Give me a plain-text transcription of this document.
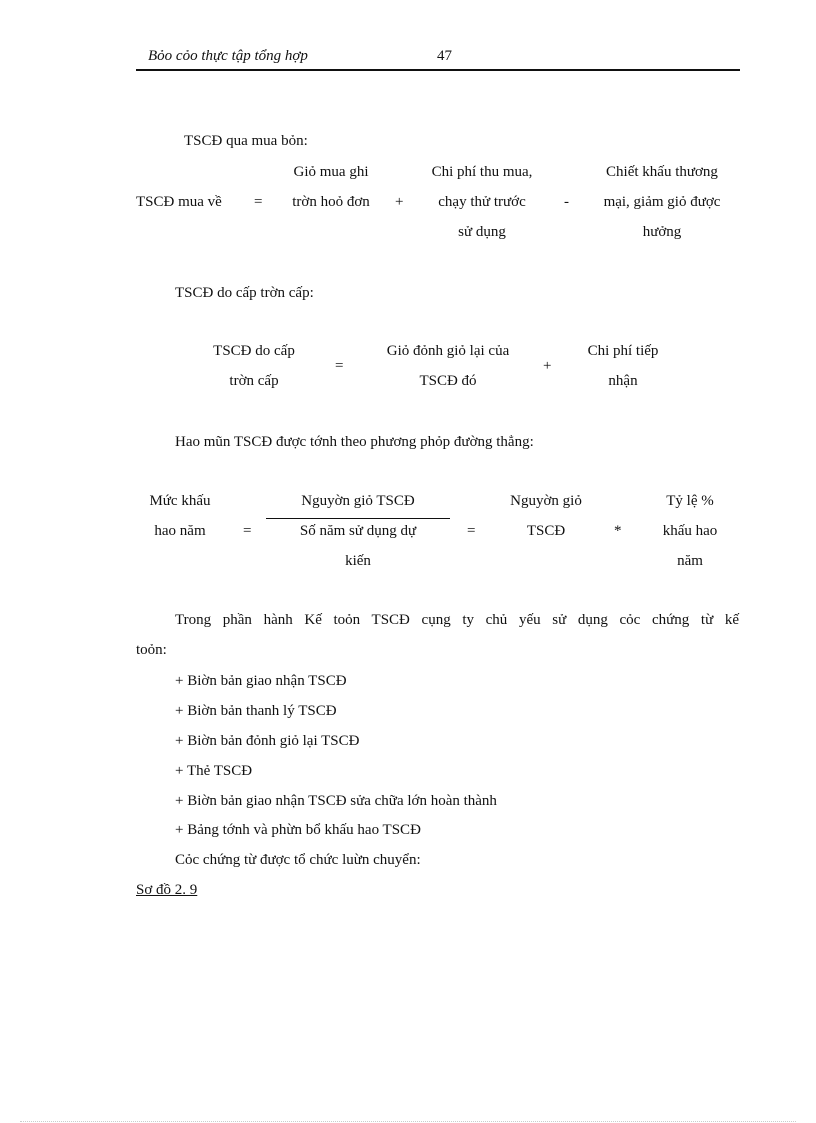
Bỏo cỏo thực tập tổng hợp	47
TSCĐ qua mua bỏn:
TSCĐ mua về =
Giỏ mua ghi
trờn hoỏ đơn	+
Chi phí thu mua,
chạy thử trước
sử dụng
-
Chiết khấu thương
mại, giảm giỏ được
hưởng
TSCĐ do cấp trờn cấp:
TSCĐ do cấp
trờn cấp
=
Giỏ đỏnh giỏ lại của
TSCĐ đó
+
Chi phí tiếp
nhận
Hao mũn TSCĐ được tớnh theo phương phỏp đường thẳng:
Mức khấu
hao năm	=
Nguyờn giỏ TSCĐ
Số năm sử dụng dự
kiến
=
Nguyờn giỏ
TSCĐ	*
Tỷ lệ %
khấu hao
năm
Trong phần hành Kế toỏn TSCĐ cụng ty chủ yếu sử dụng cỏc chứng từ kế
toỏn:
+ Biờn bản giao nhận TSCĐ
+ Biờn bản thanh lý TSCĐ
+ Biờn bản đỏnh giỏ lại TSCĐ
+ Thẻ TSCĐ
+ Biờn bản giao nhận TSCĐ sửa chữa lớn hoàn thành
+ Bảng tớnh và phừn bổ khấu hao TSCĐ
Cỏc chứng từ được tổ chức luừn chuyển:
Sơ đồ 2. 9
